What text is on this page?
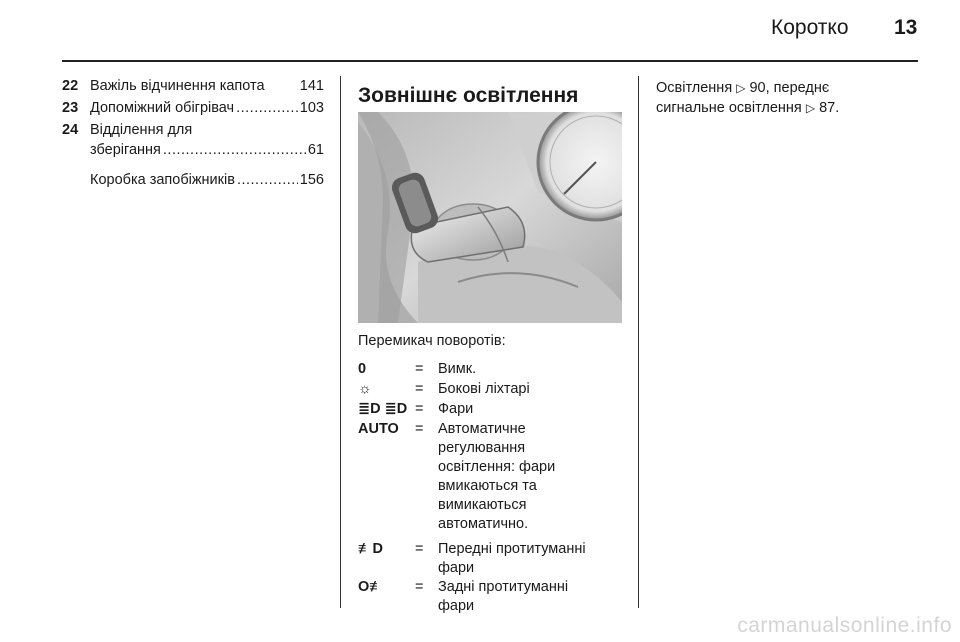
Коротко 13
22 Важіль відчинення капота 141
23 Допоміжний обігрівач .....	103
24 Відділення для
зберігання .....	61
Коробка запобіжників .....	156
Зовнішнє освітлення
Перемикач поворотів:
0	= Вимк.
☼	= Бокові ліхтарі
≣D ≣D = Фари
AUTO	= Автоматичне
регулювання
освітлення: фари
вмикаються та
вимикаються
автоматично.
≢D	= Передні протитуманні
фари
O≢	= Задні протитуманні
фари
Освітлення ▷ 90, переднє
сигнальне освітлення ▷ 87.
carmanualsonline.info
